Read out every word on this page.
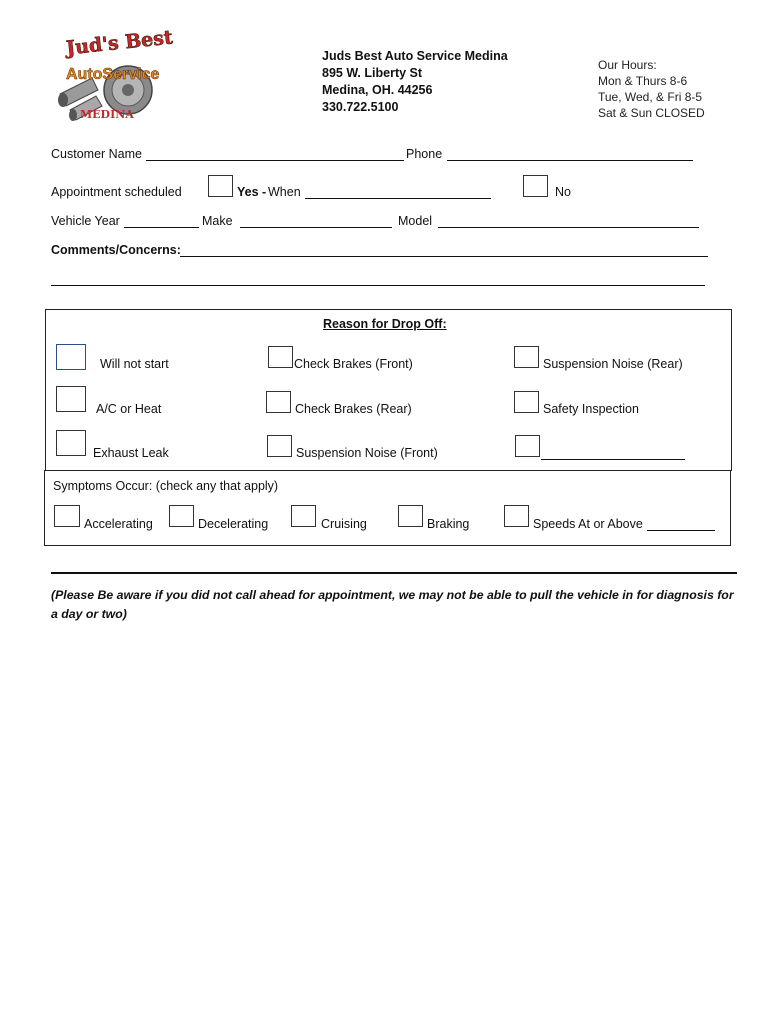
Jud's Best
AutoService
MEDINA
Juds Best Auto Service Medina
895 W. Liberty St
Medina, OH. 44256
330.722.5100
Our Hours:
Mon & Thurs 8-6
Tue, Wed, & Fri 8-5
Sat & Sun CLOSED
Customer Name	Phone
Appointment scheduled	Yes - When	No
Vehicle Year	Make	Model
Comments/Concerns:
Reason for Drop Off:
Will not start	Check Brakes (Front)	Suspension Noise (Rear)
A/C or Heat	Check Brakes (Rear)	Safety Inspection
Exhaust Leak	Suspension Noise (Front)
Symptoms Occur: (check any that apply)
Accelerating	Decelerating	Cruising	Braking	Speeds At or Above
(Please Be aware if you did not call ahead for appointment, we may not be able to pull the vehicle in for diagnosis for a day or two)
